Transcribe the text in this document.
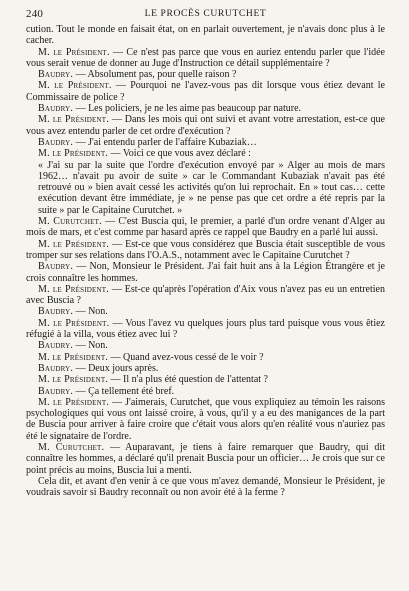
240	LE PROCÈS CURUTCHET

cution. Tout le monde en faisait état, on en parlait ouvertement, je n'avais donc plus à le cacher.

M. le Président. — Ce n'est pas parce que vous en auriez entendu parler que l'idée vous serait venue de donner au Juge d'Instruction ce détail supplémentaire ?

Baudry. — Absolument pas, pour quelle raison ?

M. le Président. — Pourquoi ne l'avez-vous pas dit lorsque vous étiez devant le Commissaire de police ?

Baudry. — Les policiers, je ne les aime pas beaucoup par nature.

M. le Président. — Dans les mois qui ont suivi et avant votre arrestation, est-ce que vous avez entendu parler de cet ordre d'exécution ?

Baudry. — J'ai entendu parler de l'affaire Kubaziak…

M. le Président. — Voici ce que vous avez déclaré :

« J'ai su par la suite que l'ordre d'exécution envoyé par » Alger au mois de mars 1962… n'avait pu avoir de suite » car le Commandant Kubaziak n'avait pas été retrouvé ou » bien avait cessé les activités qu'on lui reprochait. En » tout cas… cette exécution devant être immédiate, je » ne pense pas que cet ordre a été repris par la suite » par le Capitaine Curutchet. »

M. Curutchet. — C'est Buscia qui, le premier, a parlé d'un ordre venant d'Alger au mois de mars, et c'est comme par hasard après ce rappel que Baudry en a parlé lui aussi.

M. le Président. — Est-ce que vous considérez que Buscia était susceptible de vous tromper sur ses relations dans l'O.A.S., notamment avec le Capitaine Curutchet ?

Baudry. — Non, Monsieur le Président. J'ai fait huit ans à la Légion Étrangère et je crois connaître les hommes.

M. le Président. — Est-ce qu'après l'opération d'Aix vous n'avez pas eu un entretien avec Buscia ?

Baudry. — Non.

M. le Président. — Vous l'avez vu quelques jours plus tard puisque vous vous êtiez réfugié à la villa, vous étiez avec lui ?

Baudry. — Non.

M. le Président. — Quand avez-vous cessé de le voir ?

Baudry. — Deux jours après.

M. le Président. — Il n'a plus été question de l'attentat ?

Baudry. — Ça tellement été bref.

M. le Président. — J'aimerais, Curutchet, que vous expliquiez au témoin les raisons psychologiques qui vous ont laissé croire, à vous, qu'il y a eu des manigances de la part de Buscia pour arriver à faire croire que c'était vous alors qu'en réalité vous n'auriez pas été le signataire de l'ordre.

M. Curutchet. — Auparavant, je tiens à faire remarquer que Baudry, qui dit connaître les hommes, a déclaré qu'il prenait Buscia pour un officier… Je crois que sur ce point précis au moins, Buscia lui a menti.

Cela dit, et avant d'en venir à ce que vous m'avez demandé, Monsieur le Président, je voudrais savoir si Baudry reconnaît ou non avoir été à la ferme ?
